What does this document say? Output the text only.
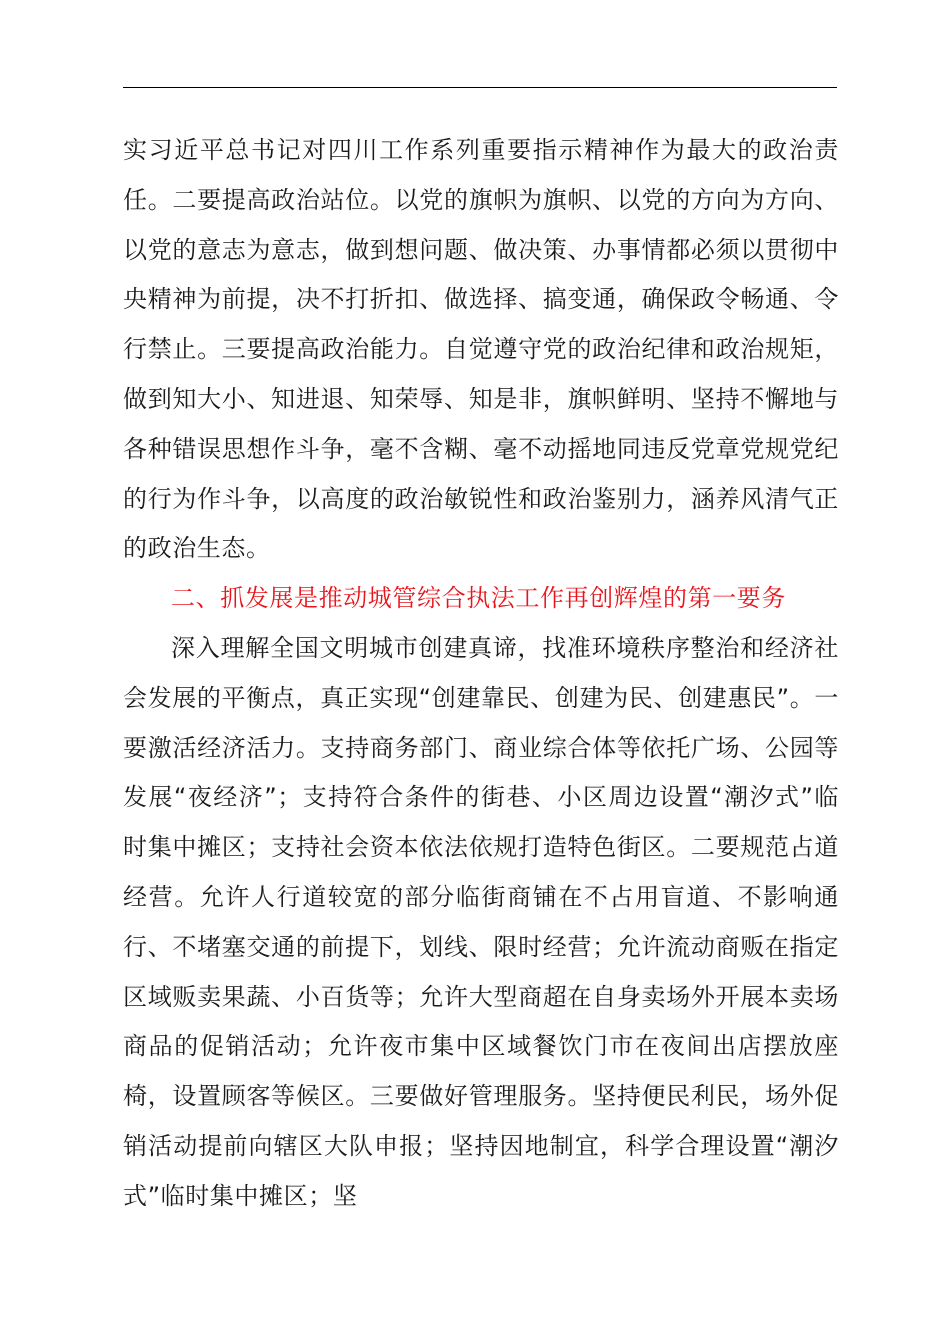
实习近平总书记对四川工作系列重要指示精神作为最大的政治责任。二要提高政治站位。以党的旗帜为旗帜、以党的方向为方向、以党的意志为意志，做到想问题、做决策、办事情都必须以贯彻中央精神为前提，决不打折扣、做选择、搞变通，确保政令畅通、令行禁止。三要提高政治能力。自觉遵守党的政治纪律和政治规矩，做到知大小、知进退、知荣辱、知是非，旗帜鲜明、坚持不懈地与各种错误思想作斗争，毫不含糊、毫不动摇地同违反党章党规党纪的行为作斗争，以高度的政治敏锐性和政治鉴别力，涵养风清气正的政治生态。

二、抓发展是推动城管综合执法工作再创辉煌的第一要务

深入理解全国文明城市创建真谛，找准环境秩序整治和经济社会发展的平衡点，真正实现“创建靠民、创建为民、创建惠民”。一要激活经济活力。支持商务部门、商业综合体等依托广场、公园等发展“夜经济”；支持符合条件的街巷、小区周边设置“潮汐式”临时集中摊区；支持社会资本依法依规打造特色街区。二要规范占道经营。允许人行道较宽的部分临街商铺在不占用盲道、不影响通行、不堵塞交通的前提下，划线、限时经营；允许流动商贩在指定区域贩卖果蔬、小百货等；允许大型商超在自身卖场外开展本卖场商品的促销活动；允许夜市集中区域餐饮门市在夜间出店摆放座椅，设置顾客等候区。三要做好管理服务。坚持便民利民，场外促销活动提前向辖区大队申报；坚持因地制宜，科学合理设置“潮汐式”临时集中摊区；坚
